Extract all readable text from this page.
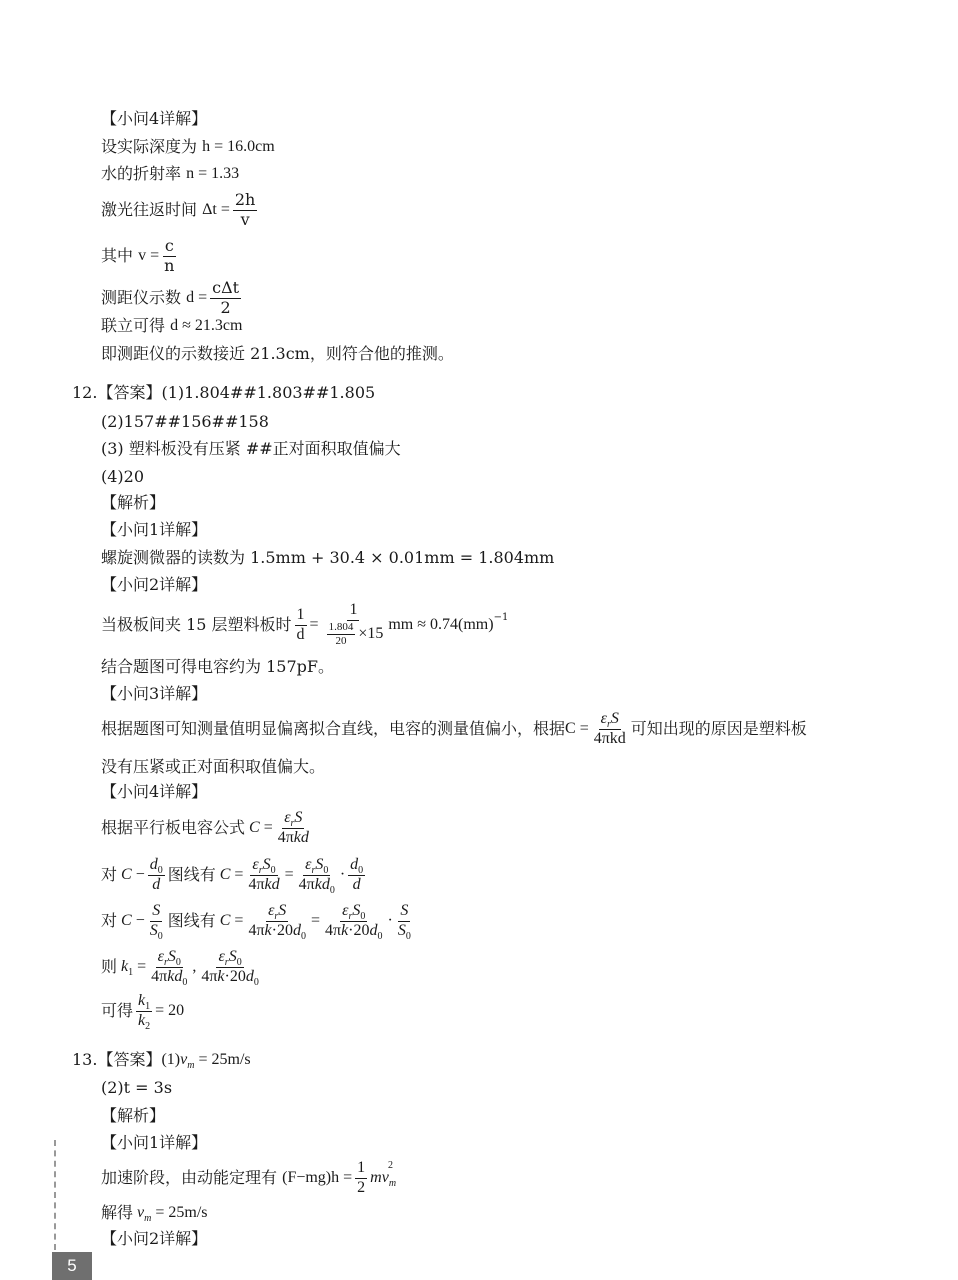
【小问4详解】
设实际深度为
h = 16.0cm
水的折射率
n = 1.33
激光往返时间
$\Delta t = \frac{2h}{v}$
其中
$v = \frac{c}{n}$
测距仪示数
$d = \frac{\text{cΔt}}{2}$
联立可得
d ≈ 21.3cm
即测距仪的示数接近 21.3cm，则符合他的推测。
12. 【答案】 (1)1.804##1.803##1.805
(2)157##156##158
(3) 塑料板没有压紧 ##正对面积取值偏大
(4)20
【解析】
【小问1详解】
螺旋测微器的读数为 1.5mm + 30.4 × 0.01mm = 1.804mm
【小问2详解】
当极板间夹 15 层塑料板时 $\frac{1}{d} = \frac{1}{\frac{1.804}{20} \times 15}$ mm ≈ 0.74(mm)$^{-1}$
结合题图可得电容约为 157pF。
【小问3详解】
根据题图可知测量值明显偏离拟合直线，电容的测量值偏小，根据 $C = \frac{\varepsilon_rS}{\text{4πkd}}$ 可知出现的原因是塑料板
没有压紧或正对面积取值偏大。
【小问4详解】
根据平行板电容公式 $C = \frac{\varepsilon_rS}{\text{4πkd}}$
对 $C - \frac{d_0}{d}$ 图线有 $C = \frac{\varepsilon_rS_0}{\text{4πkd}} = \frac{\varepsilon_rS_0}{4\pi kd_0} \cdot \frac{d_0}{d}$
对 $C - \frac{S}{S_0}$ 图线有 $C = \frac{\varepsilon_rS}{4\pi k\cdot 20d_0} = \frac{\varepsilon_rS_0}{4\pi k\cdot 20d_0} \cdot \frac{S}{S_0}$
则 $k_1 = \frac{\varepsilon_rS_0}{4\pi kd_0}$ , $\frac{\varepsilon_rS_0}{4\pi k\cdot 20d_0}$
可得 $\frac{k_1}{k_2} = 20$
13. 【答案】 (1) $v_m = 25m/s$
(2)t = 3s
【解析】
【小问1详解】
加速阶段，由动能定理有
$(F-mg)h = \frac{1}{2} mv_m^2$
解得 $v_m = 25m/s$
【小问2详解】
5
